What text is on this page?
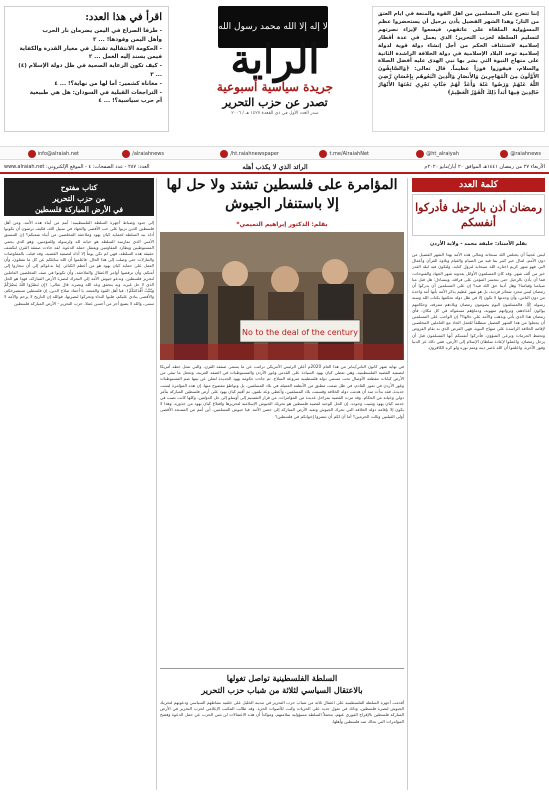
اقرأ في هذا العدد:
- طرفا الصراع في اليمن يضرمان نار الحرب
وأهل اليمن وقودها! ... ٢
- الحكومة الانتقالية تفشل في معيار القدرة والكفاية
فيمن يسند إليه العمل ... ٢
- كيف تكون الرعاية الصحية في ظل دولة الإسلام (٤) ... ٣
- معاناة كشمير: أما لها من نهاية؟! ... ٤
- التراجعات القبلية في السودان: هل هي طبيعية
أم حرب سياسية؟! ... ٤
لا إله إلا الله محمد رسول الله
الراية
جريدة سياسية أسبوعية
تصدر عن حزب التحرير
صدر العدد الأول في ذي القعدة ١٤٢٧ هـ / ٢٠٠٦
إننا نتعرج على المسلمين من أهل القوة والمنعة في أيام العتق من النار؛ وهذا الشهر الفضيل يأذن برحيل أن يستحضروا عظم المسؤولية الملقاة على عاتقهم، فيسعوا لإيزاء نصرتهم لتسليم السلطة لحزب التحرير؛ الذي يعمل في عدة أقطار إسلامية لاستئناف الحكم من أجل إنشاء دولة قوية لدولة إسلامية توحد البلاد الإسلامية في دولة الخلافة الراشدة الثانية على منهاج النبوة التي بشر بها نبي الهدى عليه أفضل الصلاة والسلام، فيفوزوا فوزاً عظيماً. قال تعالى: ﴿وَالسَّابِقُونَ الأَوَّلُونَ مِنَ الْمُهَاجِرِينَ وَالأَنصَارِ وَالَّذِينَ اتَّبَعُوهُم بِإِحْسَانٍ رَّضِيَ اللَّهُ عَنْهُمْ وَرَضُوا عَنْهُ وَأَعَدَّ لَهُمْ جَنَّاتٍ تَجْرِي تَحْتَهَا الأَنْهَارُ خَالِدِينَ فِيهَا أَبَداً ذَلِكَ الْفَوْزُ الْعَظِيمُ﴾
info@alraiah.net	/alraiahnews	/ht.raiahnewspaper	t.me/AlraiahNet	@ht_alraiyah	@raiahnews
الأربعاء ٢٧ من رمضان ١٤٤١هـ الموافق ٢٠ أيار/مايو ٢٠٢٠م
الرائد الذي لا يكذب أهله
العدد: ٢٨٧ - عدد الصفحات: ٤ - الموقع الإلكتروني: www.alraiah.net
كلمة العدد
رمضان أذن بالرحيل فأدركوا أنفسكم
بقلم الأستاذ: خليفة محمد - ولاية الأردن
ليس عجيباً أن يختلس الله سبحانه وتعالى هذه الأمة بهذا الشهر الفضيل من دون الأمم، لتنال خير كثير بما فيه من الصيام والقيام وتلاوة القرآن وأعمال البر، فهو شهر كريم اختاره الله سبحانه لنزول كتابه، ولتكون فيه ليلة القدر خير من ألف شهر. وقد كان المسلمون الأوائل يعدونه شهر الجهاد والفتوحات، فما أن يأذن بالرحيل حتى يتحسر المؤمن على فراقه، ويتساءل: هل قبل منا صيامنا وقيامنا؟ وهل أدينا حق الله فيه؟ إن على المسلمين أن يدركوا أن رمضان ليس مجرد شعائر فردية، بل هو شهر عظيم يذكر الأمة بأنها أمة واحدة من دون الناس، وأن وحدتها لا تكون إلا في ظل دولة تحكمها بكتاب الله وسنة رسوله ﷺ. فالمسلمون اليوم يصومون رمضان وبلادهم ممزقة، وحكامهم يوالون أعداءهم، وثرواتهم منهوبة، ودماؤهم مسفوكة في كل مكان. فأي رمضان هذا الذي يأتي ويذهب والأمة على حالها؟! إن الواجب على المسلمين أن يجعلوا من هذا الشهر الفضيل منطلقاً للعمل الجاد مع العاملين المخلصين لإقامة الخلافة الراشدة على منهاج النبوة، فهي الفرض الذي به تقام الفروض وتحفظ الحرمات وترعى الشؤون. فأدركوا أنفسكم أيها المسلمون قبل أن يرحل رمضان، واعملوا لإعادة سلطان الإسلام إلى الأرض، ففي ذلك عز الدنيا وفوز الآخرة، واعلموا أن الله ناصر دينه ومتم نوره ولو كره الكافرون.
المؤامرة على فلسطين تشتد ولا حل لها إلا باستنفار الجيوش
بقلم: الدكتور إبراهيم التميمي*
No to the deal of the century
في نهاية شهر كانون الثاني/يناير من هذا العام 2020م أعلن الرئيس الأمريكي ترامب عن ما يسمى صفقة القرن، والتي تمثل خطة أمريكا لتصفية القضية الفلسطينية، وهي تعطي كيان يهود السيادة على القدس وغور الأردن والمستوطنات في الضفة الغربية، وتجعل ما تبقى من الأرض كيانات مقطعة الأوصال تحت مسمى دولة فلسطينية منزوعة السلاح. ثم جاءت حكومة يهود الجديدة لتعلن عن نيتها ضم المستوطنات وغور الأردن في تموز القادم، في ظل صمت مطبق من الأنظمة العميلة في بلاد المسلمين، بل وتواطؤ مفضوح منها. إن هذه المؤامرة ليست جديدة، فقد بدأت منذ أن هدمت دولة الخلافة وقسمت بلاد المسلمين، وأعطي وعد بلفور، ثم أقيم كيان يهود على أرض فلسطين المباركة بتآمر دولي وخيانة من الحكام. وقد مرت القضية بمراحل عديدة من المؤامرات، من قرار التقسيم إلى أوسلو إلى حل الدولتين، وكلها كانت تصب في خدمة كيان يهود وتثبيت وجوده. إن الحل الوحيد لقضية فلسطين هو تحريك الجيوش الإسلامية لتحريرها واقتلاع كيان يهود من جذوره، وهذا لا يكون إلا بإقامة دولة الخلافة التي تحرك الجيوش وتعيد الأرض المباركة إلى حضن الأمة. فيا جيوش المسلمين، أين أنتم من المسجد الأقصى أولى القبلتين وثالث الحرمين؟ أما آن لكم أن تنصروا إخوانكم في فلسطين؟
السلطة الفلسطينية تواصل تغولها
بالاعتقال السياسي لثلاثة من شباب حزب التحرير
أقدمت أجهزة السلطة الفلسطينية على اعتقال ثلاثة من شباب حزب التحرير في مدينة الخليل على خلفية نشاطهم السياسي ودعوتهم لتحريك الجيوش لنصرة فلسطين، وذلك في تغول جديد على الحريات وكبت للأصوات الحرة. وقد طالب المكتب الإعلامي لحزب التحرير في الأرض المباركة فلسطين بالإفراج الفوري عنهم، محملاً السلطة مسؤولية سلامتهم، ومؤكداً أن هذه الاعتقالات لن تثني الحزب عن حمل الدعوة وفضح المؤامرات التي تحاك ضد فلسطين وأهلها.
كتاب مفتوح
من حزب التحرير
في الأرض المباركة فلسطين
إلى جنود وضباط أجهزة السلطة الفلسطينية: أنتم من أبناء هذه الأمة، ومن أهل فلسطين الذين تربوا على حب الأقصى والجهاد في سبيل الله، فكيف ترضون أن تكونوا أداة بيد السلطة لحماية كيان يهود وملاحقة المخلصين من أبناء شعبكم؟ إن التنسيق الأمني الذي تمارسه السلطة هو خيانة لله ولرسوله وللمؤمنين، وهو الذي يحمي المستوطنين ويطارد المقاومين ويعتقل حملة الدعوة. لقد جاءت صفقة القرن لتكشف حقيقة هذه السلطة، فهي لم تكن يوماً إلا أداة لتصفية القضية، وقد قبلت بالمفاوضات والتنازلات حتى وصلت إلى هذا الحال. فاعلموا أن الله سائلكم عن كل ما تفعلون، وأن العمل على حماية كيان يهود هو من أعظم الكبائر. إننا ندعوكم إلى أن تنحازوا إلى أمتكم، وأن ترفضوا أوامر الاعتقال والملاحقة، وأن تكونوا في صف المخلصين العاملين لتحرير فلسطين. وندعو جيوش الأمة إلى التحرك لنصرة الأرض المباركة، فهذا هو الحل الذي لا حل غيره، وبه يتحقق وعد الله ونصره. قال تعالى: ﴿إِن تَنصُرُوا اللَّهَ يَنصُرْكُمْ وَيُثَبِّتْ أَقْدَامَكُمْ﴾. فيا أهل القوة والمنعة، يا أحفاد صلاح الدين، إن فلسطين تستصرخكم، والأقصى ينادي عليكم، فلبوا النداء وتحركوا لنصرتها، فوالله إن التاريخ لا يرحم والأمة لا تنسى، والله لا يضيع أجر من أحسن عملا. حزب التحرير - الأرض المباركة فلسطين
